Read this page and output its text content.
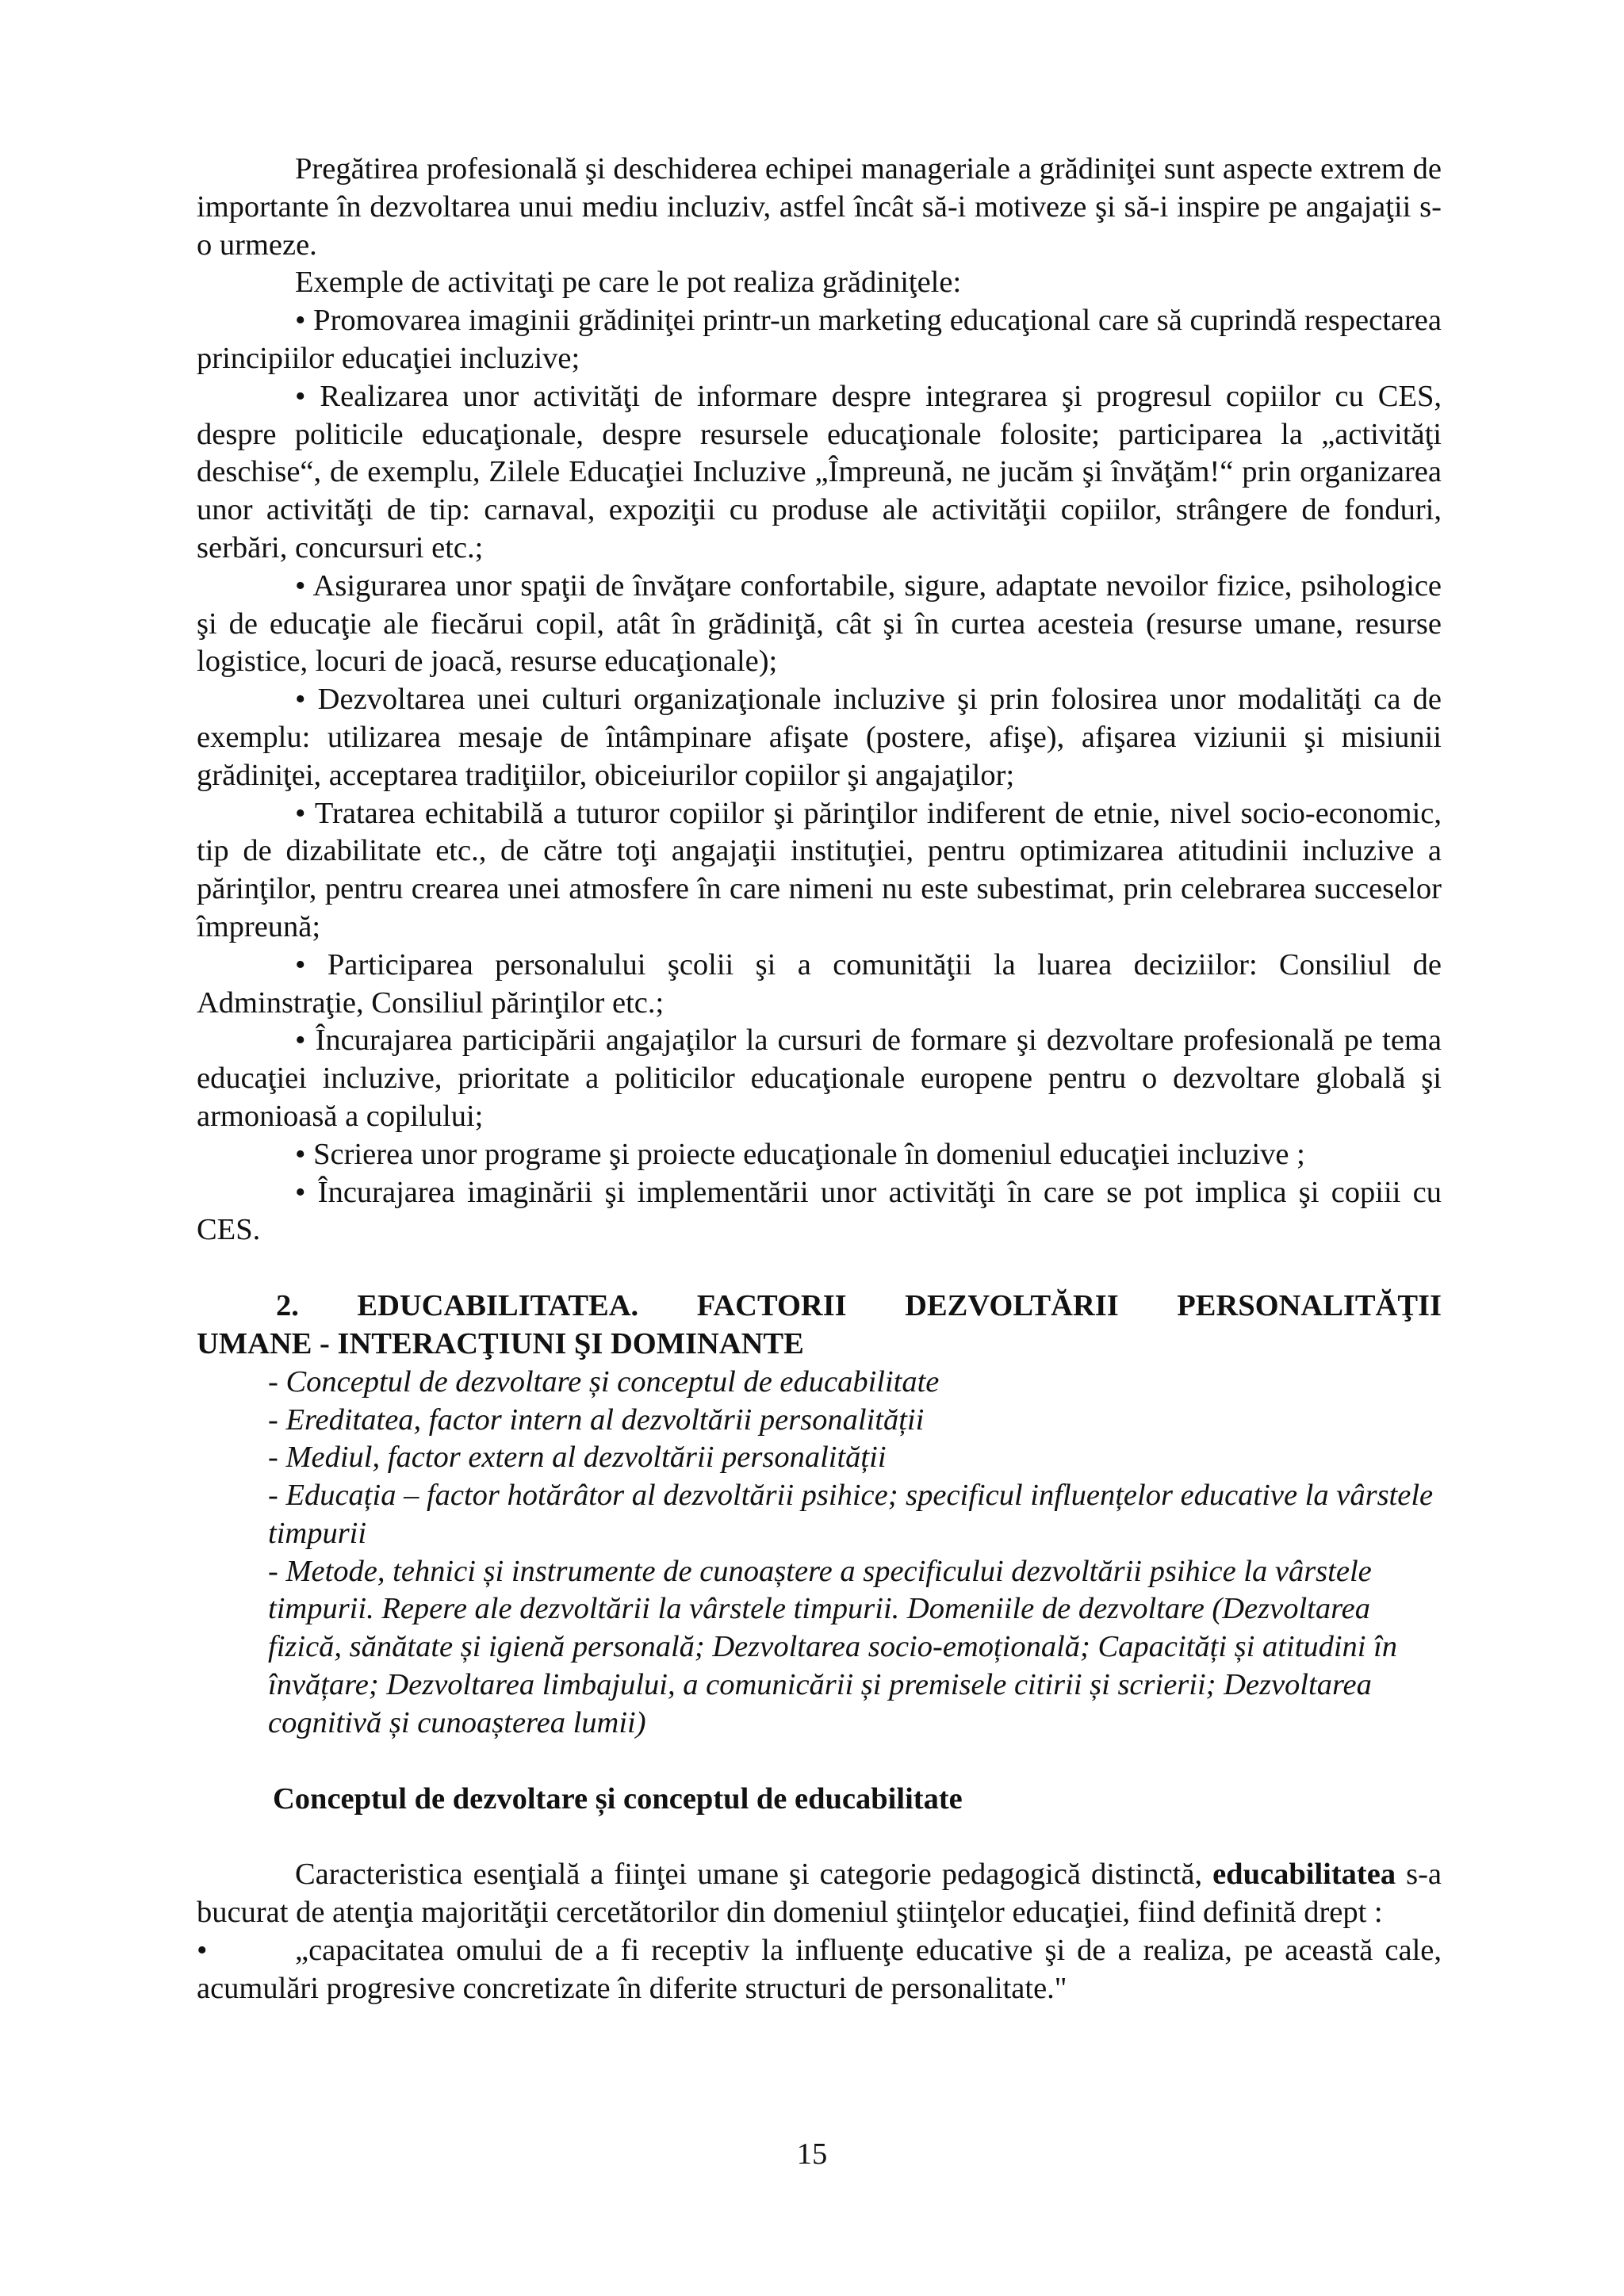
Pregătirea profesională şi deschiderea echipei manageriale a grădiniţei sunt aspecte extrem de importante în dezvoltarea unui mediu incluziv, astfel încât să-i motiveze şi să-i inspire pe angajaţii s-o urmeze.

Exemple de activitaţi pe care le pot realiza grădiniţele:

• Promovarea imaginii grădiniţei printr-un marketing educaţional care să cuprindă respectarea principiilor educaţiei incluzive;

• Realizarea unor activităţi de informare despre integrarea şi progresul copiilor cu CES, despre politicile educaţionale, despre resursele educaţionale folosite; participarea la „activităţi deschise“, de exemplu, Zilele Educaţiei Incluzive „Împreună, ne jucăm şi învăţăm!“ prin organizarea unor activităţi de tip: carnaval, expoziţii cu produse ale activităţii copiilor, strângere de fonduri, serbări, concursuri etc.;

• Asigurarea unor spaţii de învăţare confortabile, sigure, adaptate nevoilor fizice, psihologice şi de educaţie ale fiecărui copil, atât în grădiniţă, cât şi în curtea acesteia (resurse umane, resurse logistice, locuri de joacă, resurse educaţionale);

• Dezvoltarea unei culturi organizaţionale incluzive şi prin folosirea unor modalităţi ca de exemplu: utilizarea mesaje de întâmpinare afişate (postere, afişe), afişarea viziunii şi misiunii grădiniţei, acceptarea tradiţiilor, obiceiurilor copiilor şi angajaţilor;

• Tratarea echitabilă a tuturor copiilor şi părinţilor indiferent de etnie, nivel socio-economic, tip de dizabilitate etc., de către toţi angajaţii instituţiei, pentru optimizarea atitudinii incluzive a părinţilor, pentru crearea unei atmosfere în care nimeni nu este subestimat, prin celebrarea succeselor împreună;

• Participarea personalului şcolii şi a comunităţii la luarea deciziilor: Consiliul de Adminstraţie, Consiliul părinţilor etc.;

• Încurajarea participării angajaţilor la cursuri de formare şi dezvoltare profesională pe tema educaţiei incluzive, prioritate a politicilor educaţionale europene pentru o dezvoltare globală şi armonioasă a copilului;

• Scrierea unor programe şi proiecte educaţionale în domeniul educaţiei incluzive ;

• Încurajarea imaginării şi implementării unor activităţi în care se pot implica şi copiii cu CES.

2. EDUCABILITATEA. FACTORII DEZVOLTĂRII PERSONALITĂŢII
UMANE - INTERACŢIUNI ŞI DOMINANTE

- Conceptul de dezvoltare și conceptul de educabilitate

- Ereditatea, factor intern al dezvoltării personalității

- Mediul, factor extern al dezvoltării personalității

- Educația – factor hotărâtor al dezvoltării psihice; specificul influențelor educative la vârstele timpurii

- Metode, tehnici și instrumente de cunoaștere a specificului dezvoltării psihice la vârstele timpurii. Repere ale dezvoltării la vârstele timpurii. Domeniile de dezvoltare (Dezvoltarea fizică, sănătate și igienă personală; Dezvoltarea socio-emoțională; Capacități și atitudini în învățare; Dezvoltarea limbajului, a comunicării și premisele citirii și scrierii; Dezvoltarea cognitivă și cunoașterea lumii)

Conceptul de dezvoltare și conceptul de educabilitate

Caracteristica esenţială a fiinţei umane şi categorie pedagogică distinctă, educabilitatea s-a bucurat de atenţia majorităţii cercetătorilor din domeniul ştiinţelor educaţiei, fiind definită drept :

•	„capacitatea omului de a fi receptiv la influenţe educative şi de a realiza, pe această cale, acumulări progresive concretizate în diferite structuri de personalitate."

15
